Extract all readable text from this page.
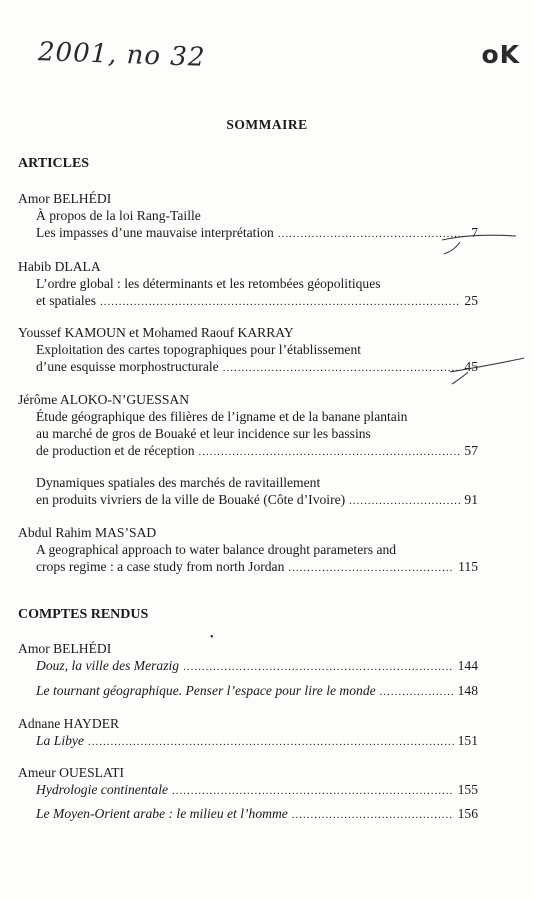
2001, no 32	oK
SOMMAIRE
ARTICLES

Amor BELHÉDI

À propos de la loi Rang-Taille

Les impasses d’une mauvaise interprétation .....	7

Habib DLALA

L’ordre global : les déterminants et les retombées géopolitiques

et spatiales .....	25

Youssef KAMOUN et Mohamed Raouf KARRAY

Exploitation des cartes topographiques pour l’établissement

d’une esquisse morphostructurale .....	45

Jérôme ALOKO-N’GUESSAN

Étude géographique des filières de l’igname et de la banane plantain

au marché de gros de Bouaké et leur incidence sur les bassins

de production et de réception .....	57

Dynamiques spatiales des marchés de ravitaillement

en produits vivriers de la ville de Bouaké (Côte d’Ivoire) .....	91

Abdul Rahim MAS’SAD

A geographical approach to water balance drought parameters and

crops regime : a case study from north Jordan .....	115
COMPTES RENDUS

Amor BELHÉDI

Douz, la ville des Merazig .....	144
Le tournant géographique. Penser l’espace pour lire le monde .....	148

Adnane HAYDER

La Libye .....	151

Ameur OUESLATI

Hydrologie continentale .....	155
Le Moyen-Orient arabe : le milieu et l’homme .....	156
•
